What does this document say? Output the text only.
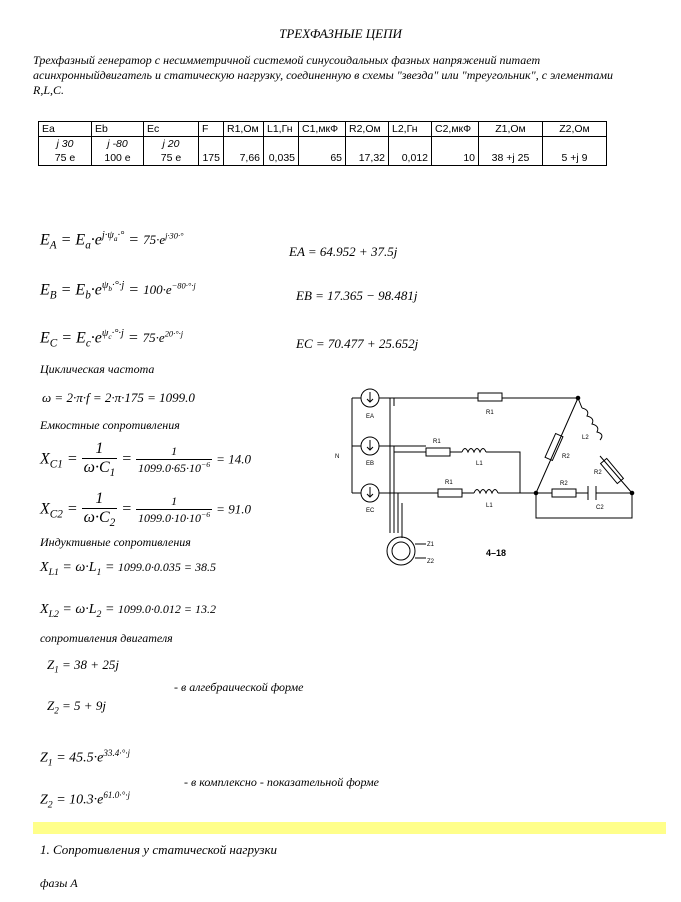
ТРЕХФАЗНЫЕ ЦЕПИ
Трехфазный генератор с несимметричной системой синусоидальных фазных напряжений питает асинхронныйдвигатель и статическую нагрузку, соединенную в схемы "звезда" или "треугольник", с элементами R,L,C.
Ea	Eb	Ec	F	R1,Ом	L1,Гн	C1,мкФ	R2,Ом	L2,Гн	C2,мкФ	Z1,Ом	Z2,Ом
j 30	j -80	j 20									
75 e	100 e	75 e	175	7,66	0,035	65	17,32	0,012	10	38 +j 25	5 +j 9
$E_A = E_a\cdot e^{j\cdot\psi_a\cdot^\circ} = 75\cdot e^{j\cdot 30\cdot^\circ}$
EA = 64.952 + 37.5j
$E_B = E_b\cdot e^{\psi_b\cdot^\circ\cdot j} = 100\cdot e^{-80\cdot^\circ\cdot j}$
EB = 17.365 − 98.481j
$E_C = E_c\cdot e^{\psi_c\cdot^\circ\cdot j} = 75\cdot e^{20\cdot^\circ\cdot j}$
EC = 70.477 + 25.652j
Циклическая частота
ω = 2·π·f = 2·π·175 = 1099.0
Емкостные сопротивления
$X_{C1} = \frac{1}{\omega\cdot C_1} = \frac{1}{1099.0\cdot 65\cdot 10^{-6}} = 14.0$
$X_{C2} = \frac{1}{\omega\cdot C_2} = \frac{1}{1099.0\cdot 10\cdot 10^{-6}} = 91.0$
Индуктивные сопротивления
$X_{L1} = \omega\cdot L_1 = 1099.0\cdot 0.035 = 38.5$
$X_{L2} = \omega\cdot L_2 = 1099.0\cdot 0.012 = 13.2$
сопротивления двигателя
$Z_1 = 38 + 25j$
- в алгебраической форме
$Z_2 = 5 + 9j$
$Z_1 = 45.5\cdot e^{33.4\cdot^\circ\cdot j}$
- в комплексно - показательной форме
$Z_2 = 10.3\cdot e^{61.0\cdot^\circ\cdot j}$
1. Сопротивления у статической нагрузки
фазы A
EA
EB
EC
N
R1
R1
R1
L1
L1
R2
R2
R2
L2
C2
Z1
Z2
4–18
